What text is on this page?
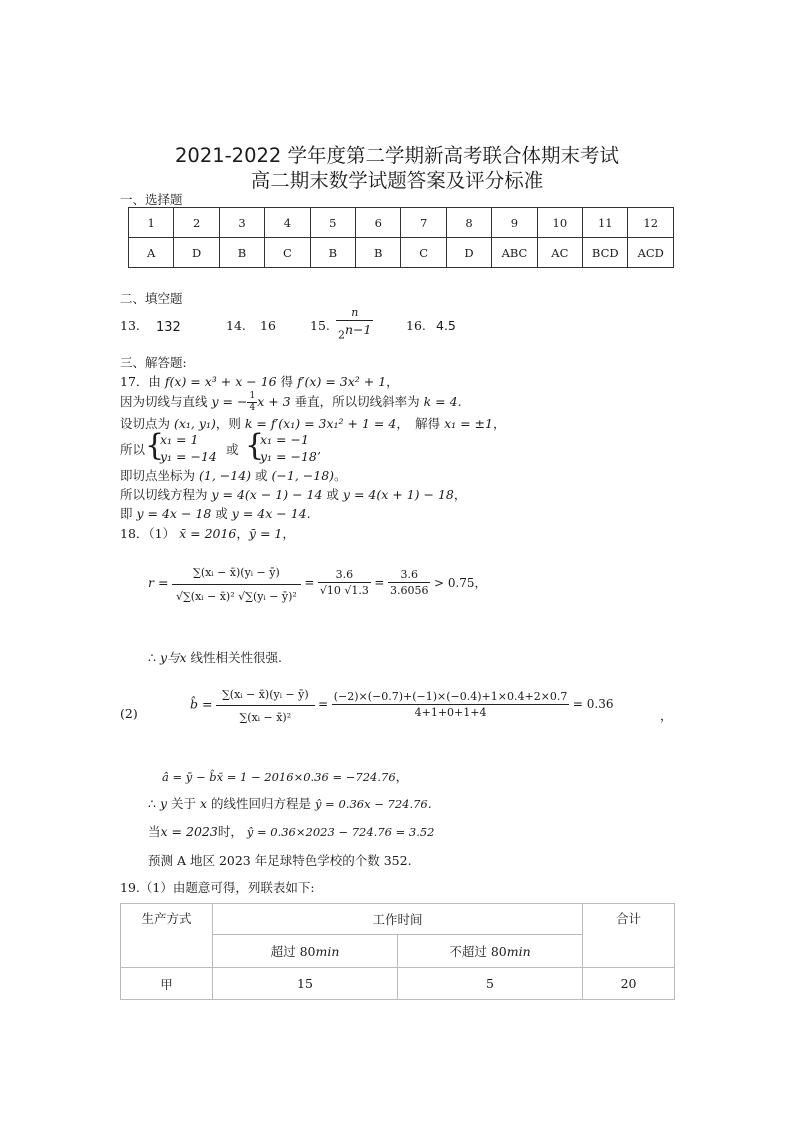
2021-2022 学年度第二学期新高考联合体期末考试
高二期末数学试题答案及评分标准
一、选择题
1	2	3	4	5	6	7	8	9	10	11	12
A	D	B	C	B	B	C	D	ABC	AC	BCD	ACD
二、填空题
13. 132	14. 16	15. $\frac{n}{2^{n-1}}$	16. 4.5
三、解答题:
17．由 f(x) = x³ + x − 16 得 f′(x) = 3x² + 1，
因为切线与直线 y = − $\frac{1}{4}$ x + 3 垂直，所以切线斜率为 k = 4.
设切点为 (x₁, y₁)，则 k = f′(x₁) = 3x₁² + 1 = 4，　解得 x₁ = ±1，
所以 {
x₁ = 1
y₁ = −14 或 {
x₁ = −1
y₁ = −18’
即切点坐标为 (1, −14) 或 (−1, −18)。
所以切线方程为 y = 4(x − 1) − 14 或 y = 4(x + 1) − 18，
即 y = 4x − 18 或 y = 4x − 14.
18．（1） x̄ = 2016，ȳ = 1，
$r = \frac{\text{∑(xᵢ − x̄)(yᵢ − ȳ)}}{\text{√∑(xᵢ − x̄)² √∑(yᵢ − ȳ)²}} = \frac{3.6}{√10 √1.3} = \frac{3.6}{3.6056} > 0.75$，
∴ y与x 线性相关性很强.
(2)
b̂ = $\frac{\text{∑(xᵢ − x̄)(yᵢ − ȳ)}}{\text{∑(xᵢ − x̄)²}} = \frac{(-2)\times(-0.7)+(-1)\times(-0.4)+1\times 0.4+2\times 0.7}{4+1+0+1+4} = 0.36$
，
â = ȳ − b̂x̄ = 1 − 2016×0.36 = −724.76，
∴ y 关于 x 的线性回归方程是 ŷ = 0.36x − 724.76.
当x = 2023时， ŷ = 0.36×2023 − 724.76 = 3.52
预测 A 地区 2023 年足球特色学校的个数 352.
19.（1）由题意可得，列联表如下:
生产方式	工作时间		合计
	超过 80min	不超过 80min	
甲	15	5	20
